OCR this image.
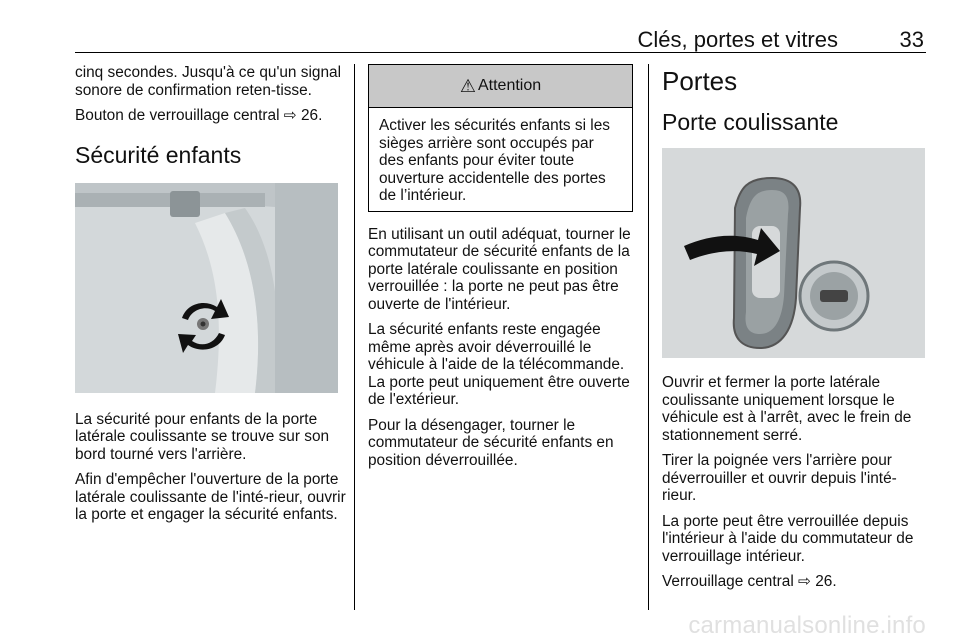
Clés, portes et vitres	33

cinq secondes. Jusqu'à ce qu'un signal sonore de confirmation reten-tisse.

Bouton de verrouillage central ⇨ 26.

Sécurité enfants

La sécurité pour enfants de la porte latérale coulissante se trouve sur son bord tourné vers l'arrière.

Afin d'empêcher l'ouverture de la porte latérale coulissante de l'inté-rieur, ouvrir la porte et engager la sécurité enfants.

⚠ Attention
Activer les sécurités enfants si les sièges arrière sont occupés par des enfants pour éviter toute ouverture accidentelle des portes de l’intérieur.

En utilisant un outil adéquat, tourner le commutateur de sécurité enfants de la porte latérale coulissante en position verrouillée : la porte ne peut pas être ouverte de l'intérieur.

La sécurité enfants reste engagée même après avoir déverrouillé le véhicule à l'aide de la télécommande. La porte peut uniquement être ouverte de l'extérieur.

Pour la désengager, tourner le commutateur de sécurité enfants en position déverrouillée.

Portes
Porte coulissante

Ouvrir et fermer la porte latérale coulissante uniquement lorsque le véhicule est à l'arrêt, avec le frein de stationnement serré.

Tirer la poignée vers l'arrière pour déverrouiller et ouvrir depuis l'inté-rieur.

La porte peut être verrouillée depuis l'intérieur à l'aide du commutateur de verrouillage intérieur.

Verrouillage central ⇨ 26.

carmanualsonline.info
